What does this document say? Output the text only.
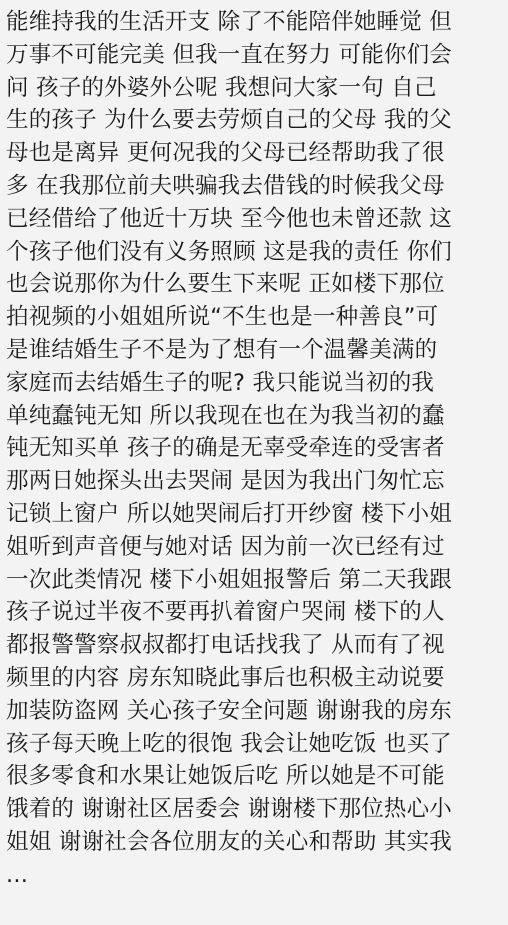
能维持我的生活开支 除了不能陪伴她睡觉 但
万事不可能完美 但我一直在努力 可能你们会
问 孩子的外婆外公呢 我想问大家一句 自己
生的孩子 为什么要去劳烦自己的父母 我的父
母也是离异 更何况我的父母已经帮助我了很
多 在我那位前夫哄骗我去借钱的时候我父母
已经借给了他近十万块 至今他也未曾还款 这
个孩子他们没有义务照顾 这是我的责任 你们
也会说那你为什么要生下来呢 正如楼下那位
拍视频的小姐姐所说“不生也是一种善良”可
是谁结婚生子不是为了想有一个温馨美满的
家庭而去结婚生子的呢? 我只能说当初的我
单纯蠢钝无知 所以我现在也在为我当初的蠢
钝无知买单 孩子的确是无辜受牵连的受害者
那两日她探头出去哭闹 是因为我出门匆忙忘
记锁上窗户 所以她哭闹后打开纱窗 楼下小姐
姐听到声音便与她对话 因为前一次已经有过
一次此类情况 楼下小姐姐报警后 第二天我跟
孩子说过半夜不要再扒着窗户哭闹 楼下的人
都报警警察叔叔都打电话找我了 从而有了视
频里的内容 房东知晓此事后也积极主动说要
加装防盗网 关心孩子安全问题 谢谢我的房东
孩子每天晚上吃的很饱 我会让她吃饭 也买了
很多零食和水果让她饭后吃 所以她是不可能
饿着的 谢谢社区居委会 谢谢楼下那位热心小
姐姐 谢谢社会各位朋友的关心和帮助 其实我
...
